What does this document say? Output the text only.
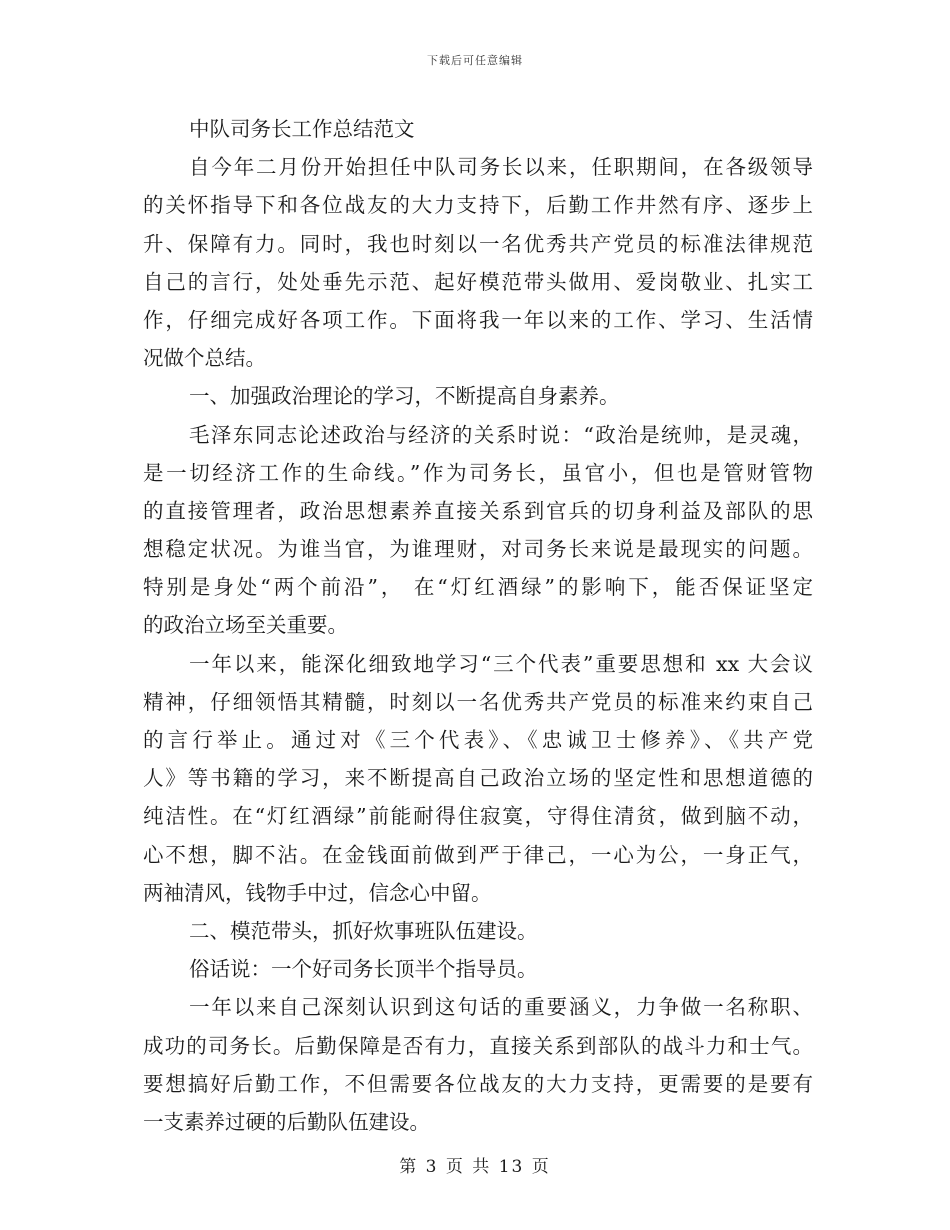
下载后可任意编辑
中队司务长工作总结范文
自今年二月份开始担任中队司务长以来，任职期间，在各级领导
的关怀指导下和各位战友的大力支持下，后勤工作井然有序、逐步上
升、保障有力。同时，我也时刻以一名优秀共产党员的标准法律规范
自己的言行，处处垂先示范、起好模范带头做用、爱岗敬业、扎实工
作，仔细完成好各项工作。下面将我一年以来的工作、学习、生活情
况做个总结。
一、加强政治理论的学习，不断提高自身素养。
毛泽东同志论述政治与经济的关系时说：“政治是统帅，是灵魂，
是一切经济工作的生命线。”作为司务长，虽官小，但也是管财管物
的直接管理者，政治思想素养直接关系到官兵的切身利益及部队的思
想稳定状况。为谁当官，为谁理财，对司务长来说是最现实的问题。
特别是身处“两个前沿”， 在“灯红酒绿”的影响下，能否保证坚定
的政治立场至关重要。
一年以来，能深化细致地学习“三个代表”重要思想和 xx 大会议
精神，仔细领悟其精髓，时刻以一名优秀共产党员的标准来约束自己
的言行举止。通过对《三个代表》、《忠诚卫士修养》、《共产党
人》等书籍的学习，来不断提高自己政治立场的坚定性和思想道德的
纯洁性。在“灯红酒绿”前能耐得住寂寞，守得住清贫，做到脑不动，
心不想，脚不沾。在金钱面前做到严于律己，一心为公，一身正气，
两袖清风，钱物手中过，信念心中留。
二、模范带头，抓好炊事班队伍建设。
俗话说：一个好司务长顶半个指导员。
一年以来自己深刻认识到这句话的重要涵义，力争做一名称职、
成功的司务长。后勤保障是否有力，直接关系到部队的战斗力和士气。
要想搞好后勤工作，不但需要各位战友的大力支持，更需要的是要有
一支素养过硬的后勤队伍建设。
第 3 页 共 13 页
